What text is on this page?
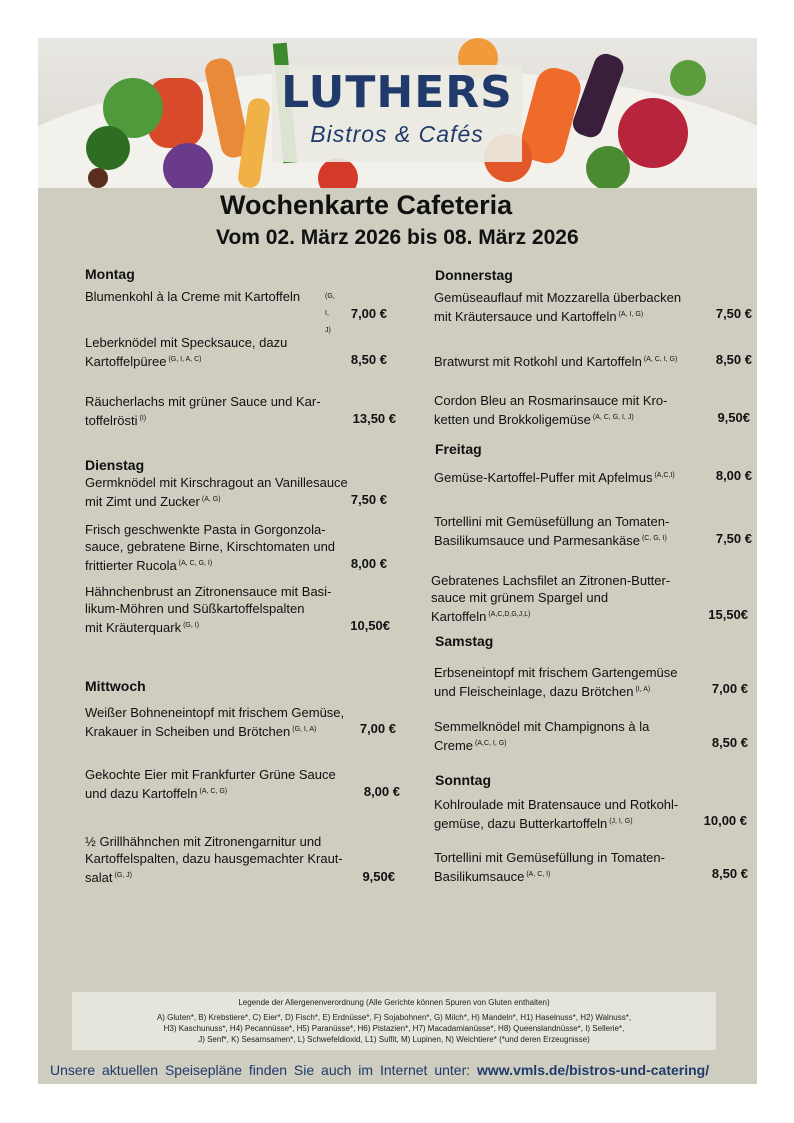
LUTHERS
Bistros & Cafés
Wochenkarte Cafeteria
Vom 02. März 2026 bis 08. März 2026
Montag
Blumenkohl à la Creme mit Kartoffeln	(G, I, J)
7,00 €
Leberknödel mit Specksauce, dazu
Kartoffelpüree $^{(G, I, A, C)}$	8,50 €
Räucherlachs mit grüner Sauce und Kar-
toffelrösti $^{(I)}$	13,50 €
Dienstag
Germknödel mit Kirschragout an Vanillesauce
mit Zimt und Zucker $^{(A, G)}$	7,50 €
Frisch geschwenkte Pasta in Gorgonzola-
sauce, gebratene Birne, Kirschtomaten und
frittierter Rucola $^{(A, C, G, I)}$	8,00 €
Hähnchenbrust an Zitronensauce mit Basi-
likum-Möhren und Süßkartoffelspalten
mit Kräuterquark $^{(G, I)}$	10,50€
Mittwoch
Weißer Bohneneintopf mit frischem Gemüse,
Krakauer in Scheiben und Brötchen $^{(G, I, A)}$	7,00 €
Gekochte Eier mit Frankfurter Grüne Sauce
und dazu Kartoffeln $^{(A, C, G)}$	8,00 €
½ Grillhähnchen mit Zitronengarnitur und
Kartoffelspalten, dazu hausgemachter Kraut-
salat $^{(G, J)}$	9,50€
Donnerstag
Gemüseauflauf mit Mozzarella überbacken
mit Kräutersauce und Kartoffeln $^{(A, I, G)}$	7,50 €
Bratwurst mit Rotkohl und Kartoffeln $^{(A, C, I, G)}$	8,50 €
Cordon Bleu an Rosmarinsauce mit Kro-
ketten und Brokkoligemüse $^{(A, C, G, I, J)}$	9,50€
Freitag
Gemüse-Kartoffel-Puffer mit Apfelmus $^{(A,C,I)}$	8,00 €
Tortellini mit Gemüsefüllung an Tomaten-
Basilikumsauce und Parmesankäse $^{(C, G, I)}$	7,50 €
Gebratenes Lachsfilet an Zitronen-Butter-
sauce mit grünem Spargel und
Kartoffeln $^{(A,C,D,G,J,L)}$	15,50€
Samstag
Erbseneintopf mit frischem Gartengemüse
und Fleischeinlage, dazu Brötchen $^{(I, A)}$	7,00 €
Semmelknödel mit Champignons à la
Creme $^{(A,C, I, G)}$	8,50 €
Sonntag
Kohlroulade mit Bratensauce und Rotkohl-
gemüse, dazu Butterkartoffeln $^{(J, I, G)}$	10,00 €
Tortellini mit Gemüsefüllung in Tomaten-
Basilikumsauce $^{(A, C, I)}$	8,50 €
Legende der Allergenenverordnung (Alle Gerichte können Spuren von Gluten enthalten)
A) Gluten*, B) Krebstiere*, C) Eier*, D) Fisch*, E) Erdnüsse*, F) Sojabohnen*, G) Milch*, H) Mandeln*, H1) Haselnuss*, H2) Walnuss*,
H3) Kaschunuss*, H4) Pecannüsse*, H5) Paranüsse*, H6) Pistazien*, H7) Macadamianüsse*, H8) Queenslandnüsse*, I) Sellerie*,
J) Senf*, K) Sesamsamen*, L) Schwefeldioxid, L1) Sulfit, M) Lupinen, N) Weichtiere* (*und deren Erzeugnisse)
Unsere aktuellen Speisepläne finden Sie auch im Internet unter: www.vmls.de/bistros-und-catering/
